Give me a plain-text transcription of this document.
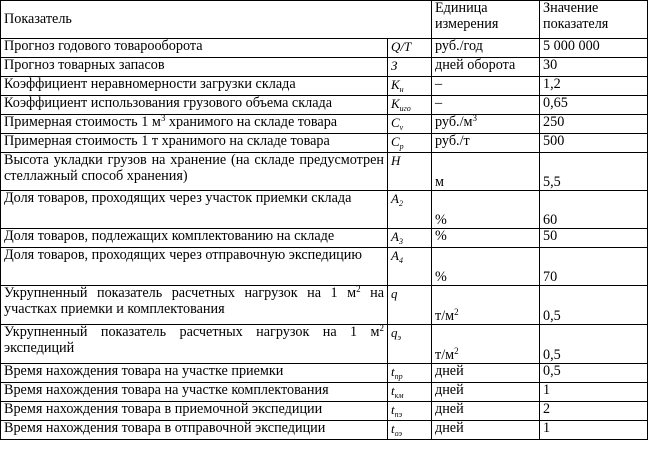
Показатель		Единица измерения	Значение показателя
Прогноз годового товарооборота	Q/T	руб./год	5 000 000
Прогноз товарных запасов	З	дней оборота	30
Коэффициент неравномерности загрузки склада	$K_н$	–	1,2
Коэффициент использования грузового объема склада	$K_{иго}$	–	0,65
Примерная стоимость 1 $м^3$ хранимого на складе товара	$C_v$	$руб./м^3$	250
Примерная стоимость 1 т хранимого на складе товара	$C_p$	руб./т	500
Высота укладки грузов на хранение (на складе предусмотрен стеллажный способ хранения)	H	м	5,5
Доля товаров, проходящих через участок приемки склада	$A_2$	%	60
Доля товаров, подлежащих комплектованию на складе	$A_3$	%	50
Доля товаров, проходящих через отправочную экспедицию	$A_4$	%	70
Укрупненный показатель расчетных нагрузок на 1 $м^2$ на участках приемки и комплектования	q	$т/м^2$	0,5
Укрупненный показатель расчетных нагрузок на 1 $м^2$ экспедиций	$q_э$	$т/м^2$	0,5
Время нахождения товара на участке приемки	$t_{пр}$	дней	0,5
Время нахождения товара на участке комплектования	$t_{км}$	дней	1
Время нахождения товара в приемочной экспедиции	$t_{пэ}$	дней	2
Время нахождения товара в отправочной экспедиции	$t_{оэ}$	дней	1
